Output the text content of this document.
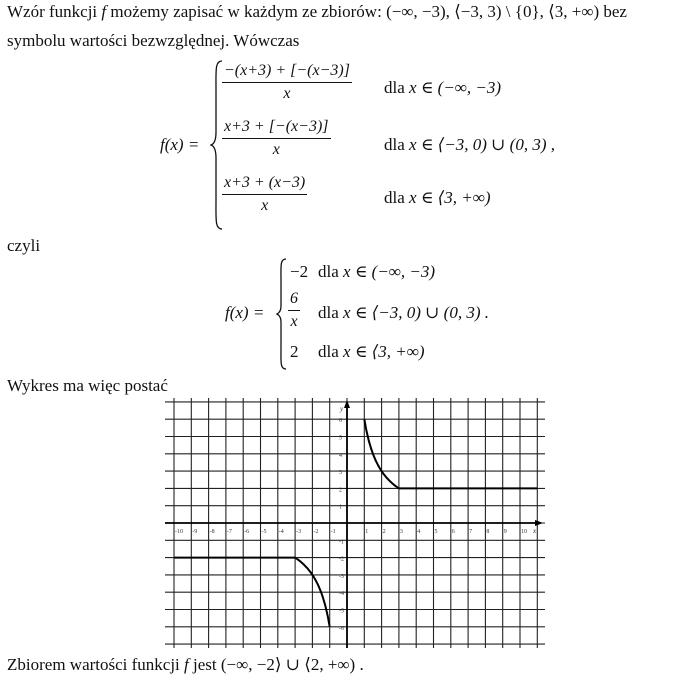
Wzór funkcji f możemy zapisać w każdym ze zbiorów: (−∞, −3), ⟨−3, 3) \ {0}, ⟨3, +∞) bez
symbolu wartości bezwzględnej. Wówczas
f(x) =
$\frac{-(x+3) + [-(x-3)]}{x}$ dla x ∈ (−∞, −3)
$\frac{x+3 + [-(x-3)]}{x}$	dla x ∈ ⟨−3, 0) ∪ (0, 3) ,
$\frac{x+3 + (x-3)}{x}$	dla x ∈ ⟨3, +∞)
czyli
f(x) =
−2 dla x ∈ (−∞, −3)
$\frac{6}{x}$ dla x ∈ ⟨−3, 0) ∪ (0, 3) .
2 dla x ∈ ⟨3, +∞)
Wykres ma więc postać
-10 -9 -8 -7 -6 -5 -4 -3 -2 -1	1 2 3 4 5 6 7 8 9 10
6
5
4
3
2
1
-1
-2
-3
-4
-5
-6
x
y
Zbiorem wartości funkcji f jest (−∞, −2⟩ ∪ ⟨2, +∞) .
